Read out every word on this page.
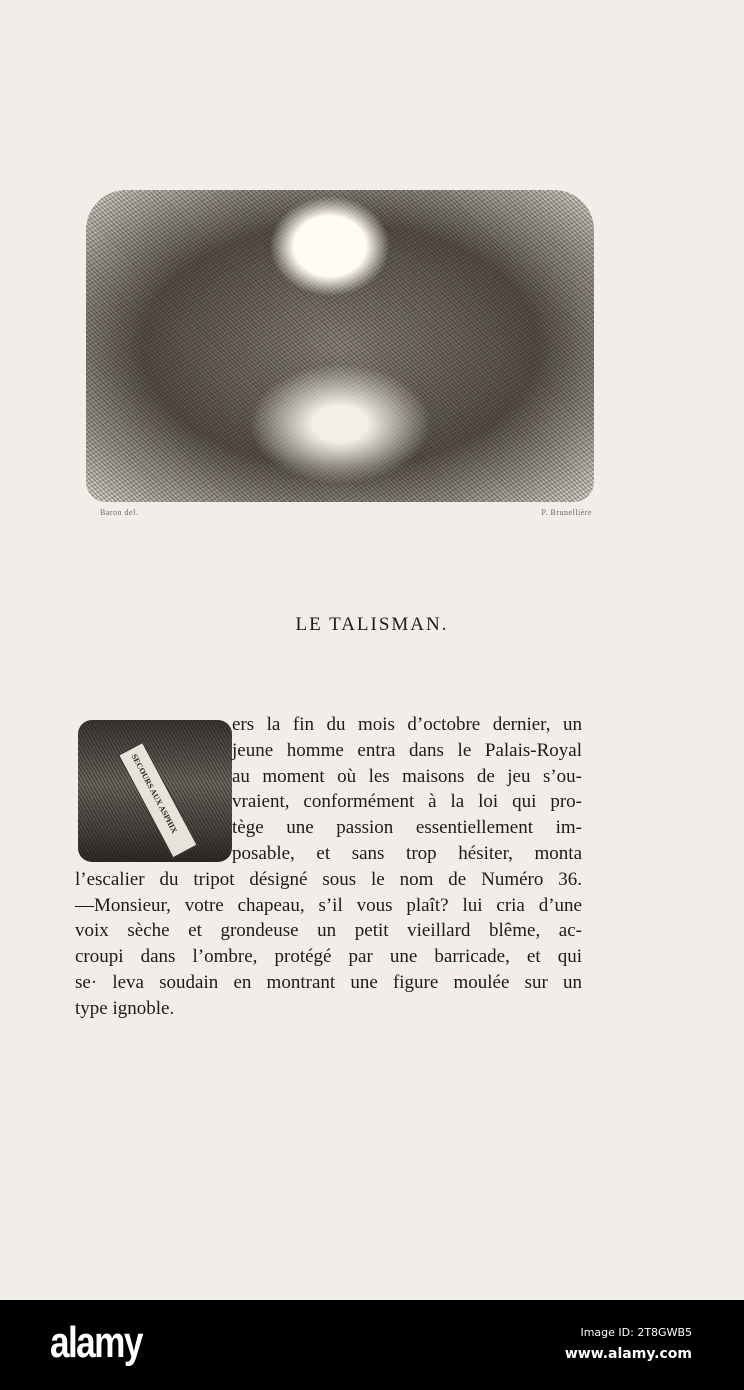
Baron del.	P. Brunellière
LE TALISMAN.
SECOURS AUX ASPHIX
ers la fin du mois d’octobre dernier, un
jeune homme entra dans le Palais-Royal
au moment où les maisons de jeu s’ou-
vraient, conformément à la loi qui pro-
tège une passion essentiellement im-
posable, et sans trop hésiter, monta
l’escalier du tripot désigné sous le nom de Numéro 36.
—Monsieur, votre chapeau, s’il vous plaît? lui cria d’une
voix sèche et grondeuse un petit vieillard blême, ac-
croupi dans l’ombre, protégé par une barricade, et qui
se· leva soudain en montrant une figure moulée sur un
type ignoble.
alamy	Image ID: 2T8GWB5
www.alamy.com
